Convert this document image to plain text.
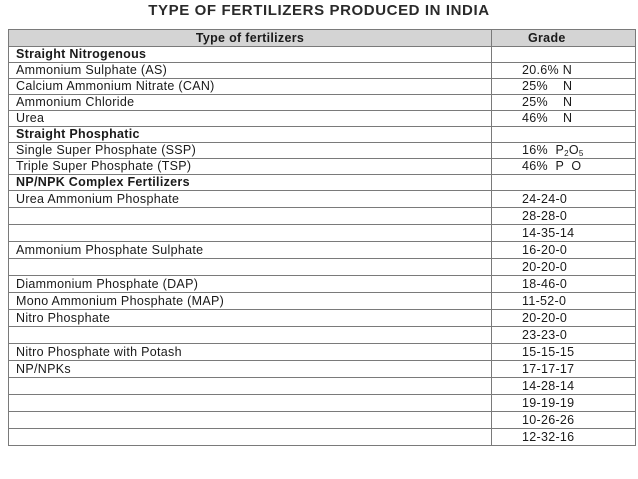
TYPE OF FERTILIZERS PRODUCED IN INDIA
Type of fertilizers	Grade
Straight Nitrogenous	
Ammonium Sulphate (AS)	20.6% N
Calcium Ammonium Nitrate (CAN)	25%    N
Ammonium Chloride	25%    N
Urea	46%    N
Straight Phosphatic	
Single Super Phosphate (SSP)	16%  $P_2O_5$
Triple Super Phosphate (TSP)	46%  P  O
NP/NPK Complex Fertilizers	
Urea Ammonium Phosphate	24-24-0
	28-28-0
	14-35-14
Ammonium Phosphate Sulphate	16-20-0
	20-20-0
Diammonium Phosphate (DAP)	18-46-0
Mono Ammonium Phosphate (MAP)	11-52-0
Nitro Phosphate	20-20-0
	23-23-0
Nitro Phosphate with Potash	15-15-15
NP/NPKs	17-17-17
	14-28-14
	19-19-19
	10-26-26
	12-32-16
